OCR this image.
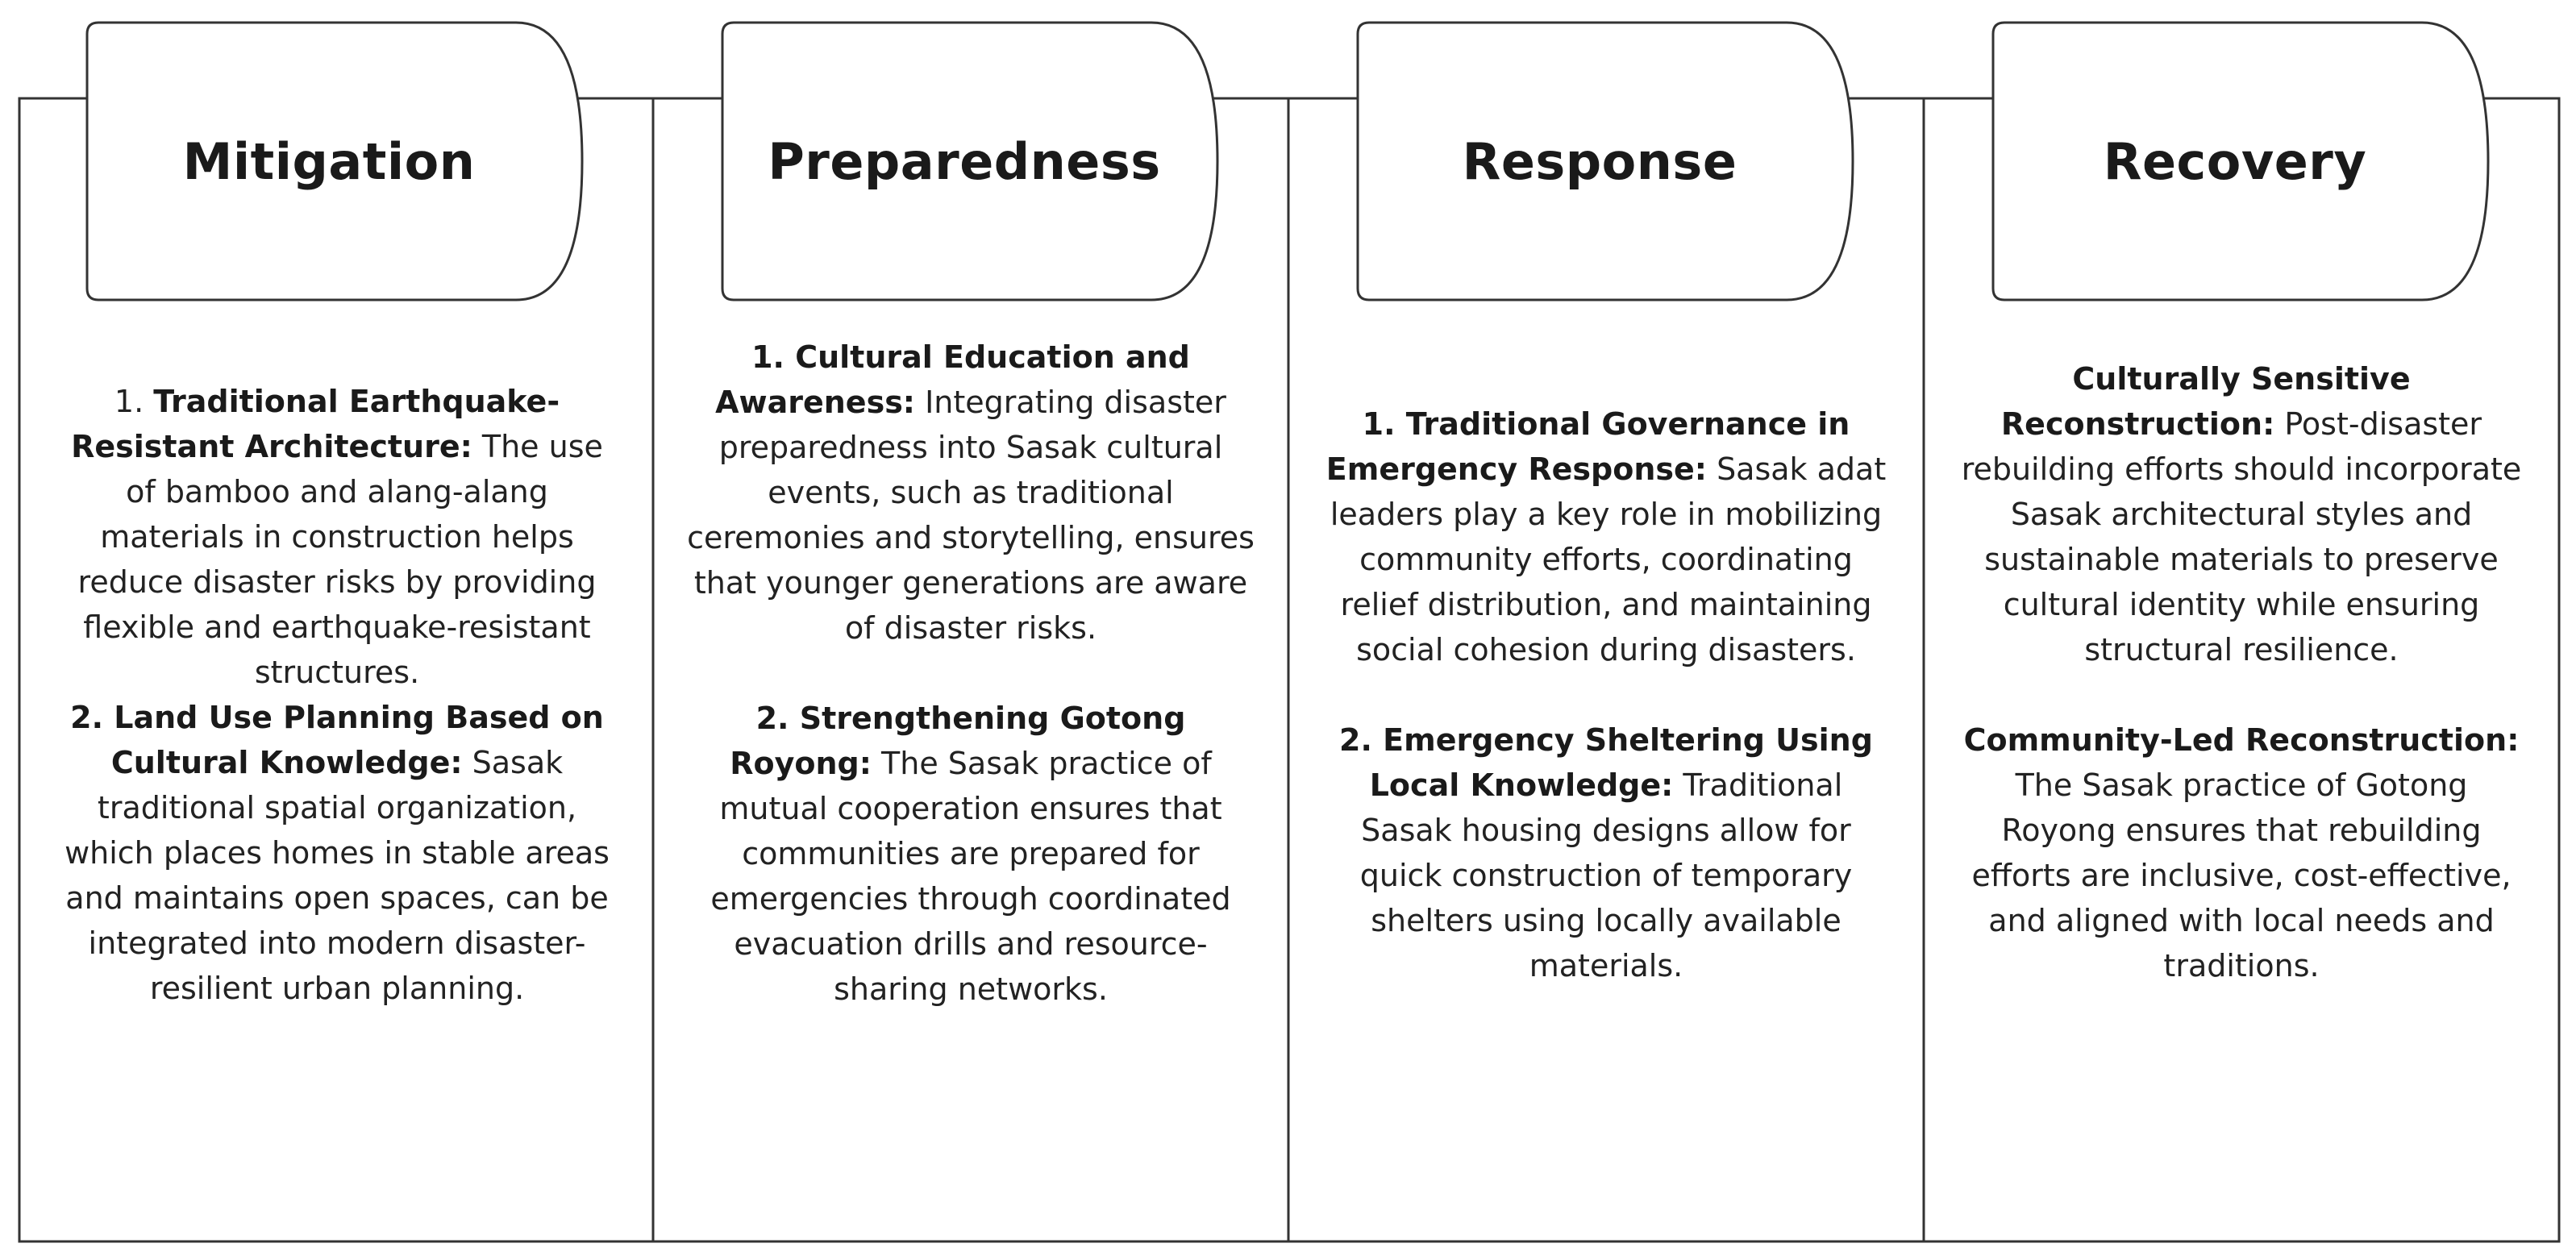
Mitigation

1. Traditional Earthquake-Resistant Architecture: The use of bamboo and alang-alang materials in construction helps reduce disaster risks by providing flexible and earthquake-resistant structures.

2. Land Use Planning Based on Cultural Knowledge: Sasak traditional spatial organization, which places homes in stable areas and maintains open spaces, can be integrated into modern disaster-resilient urban planning.

Preparedness

1. Cultural Education and Awareness: Integrating disaster preparedness into Sasak cultural events, such as traditional ceremonies and storytelling, ensures that younger generations are aware of disaster risks.

2. Strengthening Gotong Royong: The Sasak practice of mutual cooperation ensures that communities are prepared for emergencies through coordinated evacuation drills and resource-sharing networks.

Response

1. Traditional Governance in Emergency Response: Sasak adat leaders play a key role in mobilizing community efforts, coordinating relief distribution, and maintaining social cohesion during disasters.

2. Emergency Sheltering Using Local Knowledge: Traditional Sasak housing designs allow for quick construction of temporary shelters using locally available materials.

Recovery

Culturally Sensitive Reconstruction: Post-disaster rebuilding efforts should incorporate Sasak architectural styles and sustainable materials to preserve cultural identity while ensuring structural resilience.

Community-Led Reconstruction: The Sasak practice of Gotong Royong ensures that rebuilding efforts are inclusive, cost-effective, and aligned with local needs and traditions.
